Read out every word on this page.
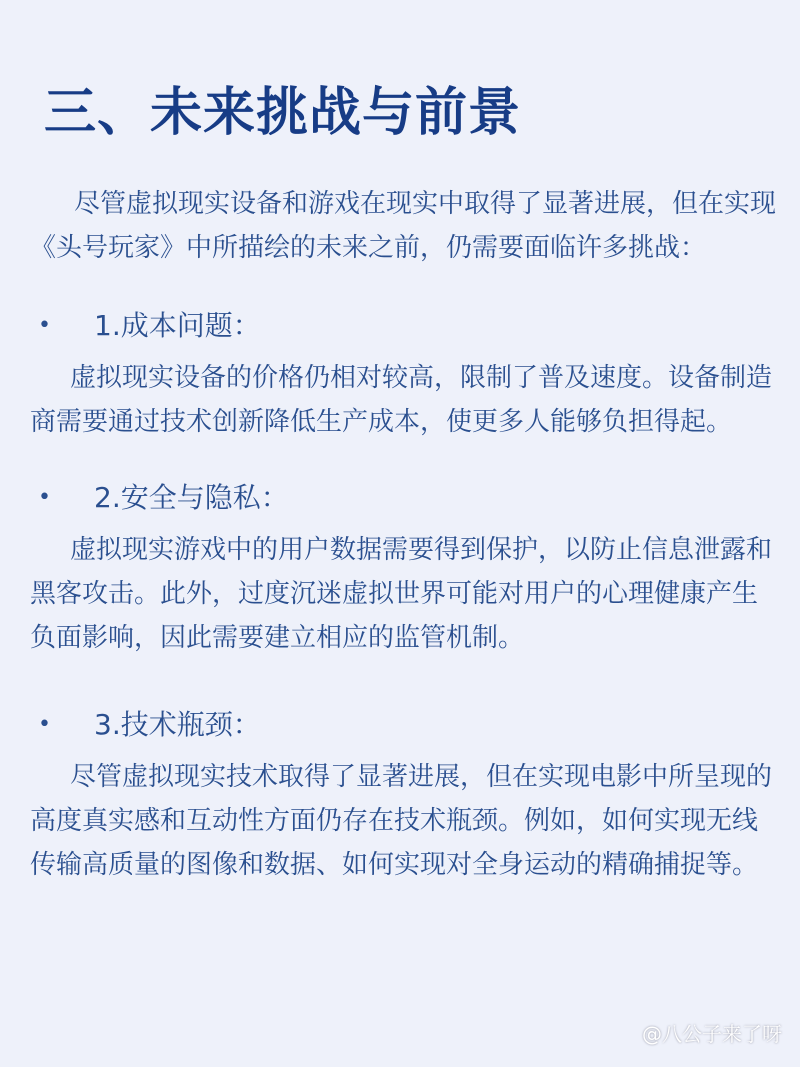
三、未来挑战与前景

尽管虚拟现实设备和游戏在现实中取得了显著进展，但在实现《头号玩家》中所描绘的未来之前，仍需要面临许多挑战：

• 1.成本问题：

虚拟现实设备的价格仍相对较高，限制了普及速度。设备制造商需要通过技术创新降低生产成本，使更多人能够负担得起。

• 2.安全与隐私：

虚拟现实游戏中的用户数据需要得到保护，以防止信息泄露和黑客攻击。此外，过度沉迷虚拟世界可能对用户的心理健康产生负面影响，因此需要建立相应的监管机制。

• 3.技术瓶颈：

尽管虚拟现实技术取得了显著进展，但在实现电影中所呈现的高度真实感和互动性方面仍存在技术瓶颈。例如，如何实现无线传输高质量的图像和数据、如何实现对全身运动的精确捕捉等。

@八公子来了呀
